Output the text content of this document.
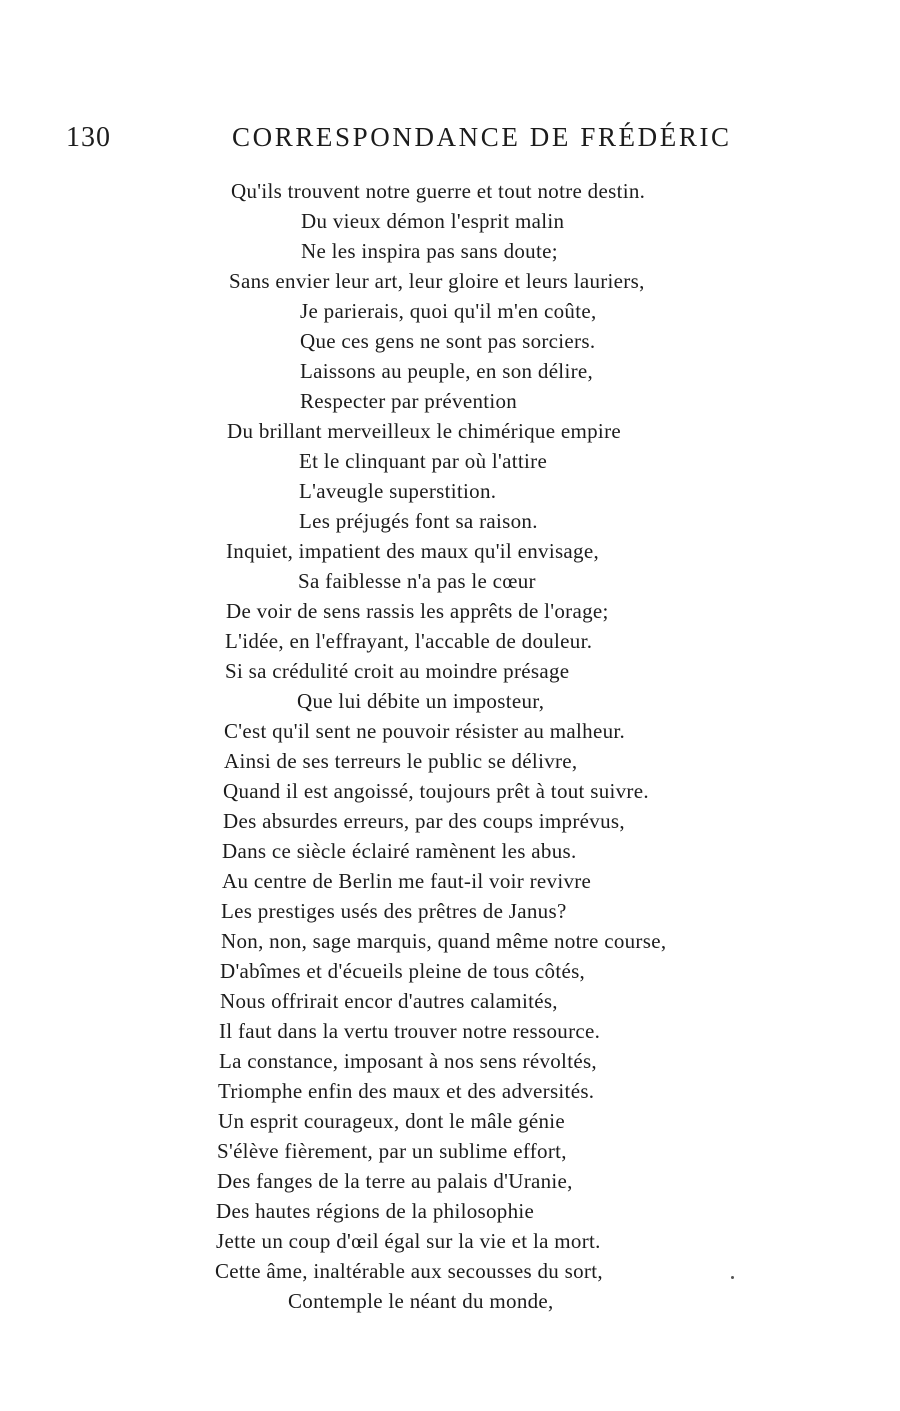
130	CORRESPONDANCE DE FRÉDÉRIC
Qu'ils trouvent notre guerre et tout notre destin.
Du vieux démon l'esprit malin
Ne les inspira pas sans doute;
Sans envier leur art, leur gloire et leurs lauriers,
Je parierais, quoi qu'il m'en coûte,
Que ces gens ne sont pas sorciers.
Laissons au peuple, en son délire,
Respecter par prévention
Du brillant merveilleux le chimérique empire
Et le clinquant par où l'attire
L'aveugle superstition.
Les préjugés font sa raison.
Inquiet, impatient des maux qu'il envisage,
Sa faiblesse n'a pas le cœur
De voir de sens rassis les apprêts de l'orage;
L'idée, en l'effrayant, l'accable de douleur.
Si sa crédulité croit au moindre présage
Que lui débite un imposteur,
C'est qu'il sent ne pouvoir résister au malheur.
Ainsi de ses terreurs le public se délivre,
Quand il est angoissé, toujours prêt à tout suivre.
Des absurdes erreurs, par des coups imprévus,
Dans ce siècle éclairé ramènent les abus.
Au centre de Berlin me faut-il voir revivre
Les prestiges usés des prêtres de Janus?
Non, non, sage marquis, quand même notre course,
D'abîmes et d'écueils pleine de tous côtés,
Nous offrirait encor d'autres calamités,
Il faut dans la vertu trouver notre ressource.
La constance, imposant à nos sens révoltés,
Triomphe enfin des maux et des adversités.
Un esprit courageux, dont le mâle génie
S'élève fièrement, par un sublime effort,
Des fanges de la terre au palais d'Uranie,
Des hautes régions de la philosophie
Jette un coup d'œil égal sur la vie et la mort.
Cette âme, inaltérable aux secousses du sort,
Contemple le néant du monde,
